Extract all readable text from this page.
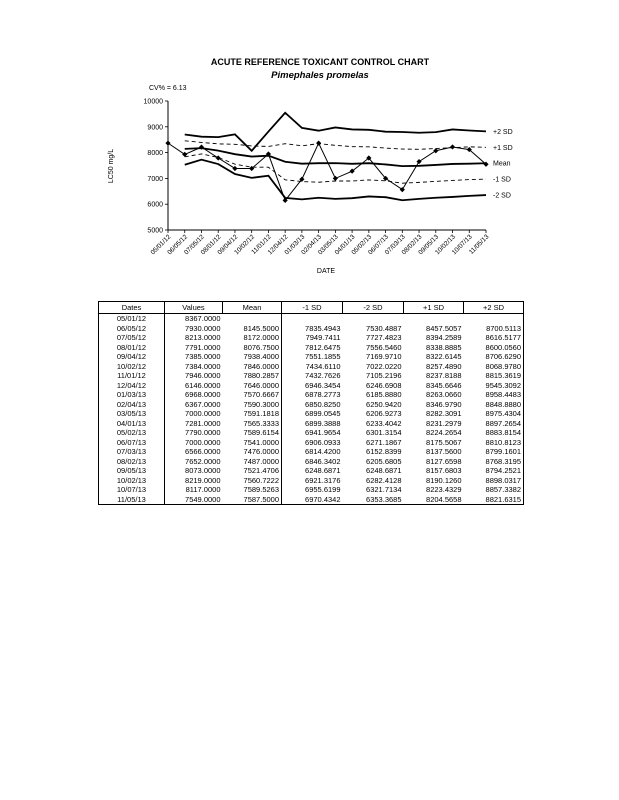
ACUTE REFERENCE TOXICANT CONTROL CHART
Pimephales promelas
CV% = 6.13
LC50 mg/L
DATE
5000
6000
7000
8000
9000
10000
05/01/12
06/05/12
07/05/12
08/01/12
09/04/12
10/02/12
11/01/12
12/04/12
01/03/13
02/04/13
03/05/13
04/01/13
05/02/13
06/07/13
07/03/13
08/02/13
09/05/13
10/02/13
10/07/13
11/05/13
+2 SD
+1 SD
Mean
-1 SD
-2 SD
Dates	Values	Mean	-1 SD	-2 SD	+1 SD	+2 SD
05/01/12	8367.0000					
06/05/12	7930.0000	8145.5000	7835.4943	7530.4887	8457.5057	8700.5113
07/05/12	8213.0000	8172.0000	7949.7411	7727.4823	8394.2589	8616.5177
08/01/12	7791.0000	8076.7500	7812.6475	7556.5460	8338.8885	8600.0560
09/04/12	7385.0000	7938.4000	7551.1855	7169.9710	8322.6145	8706.6290
10/02/12	7384.0000	7846.0000	7434.6110	7022.0220	8257.4890	8068.9780
11/01/12	7946.0000	7880.2857	7432.7626	7105.2196	8237.8188	8815.3619
12/04/12	6146.0000	7646.0000	6946.3454	6246.6908	8345.6646	9545.3092
01/03/13	6968.0000	7570.6667	6878.2773	6185.8880	8263.0660	8958.4483
02/04/13	6367.0000	7590.3000	6850.8250	6250.9420	8346.9790	8848.8880
03/05/13	7000.0000	7591.1818	6899.0545	6206.9273	8282.3091	8975.4304
04/01/13	7281.0000	7565.3333	6899.3888	6233.4042	8231.2979	8897.2654
05/02/13	7790.0000	7589.6154	6941.9654	6301.3154	8224.2654	8883.8154
06/07/13	7000.0000	7541.0000	6906.0933	6271.1867	8175.5067	8810.8123
07/03/13	6566.0000	7476.0000	6814.4200	6152.8399	8137.5600	8799.1601
08/02/13	7652.0000	7487.0000	6846.3402	6205.6805	8127.6598	8768.3195
09/05/13	8073.0000	7521.4706	6248.6871	6248.6871	8157.6803	8794.2521
10/02/13	8219.0000	7560.7222	6921.3176	6282.4128	8190.1260	8898.0317
10/07/13	8117.0000	7589.5263	6955.6199	6321.7134	8223.4329	8857.3382
11/05/13	7549.0000	7587.5000	6970.4342	6353.3685	8204.5658	8821.6315
